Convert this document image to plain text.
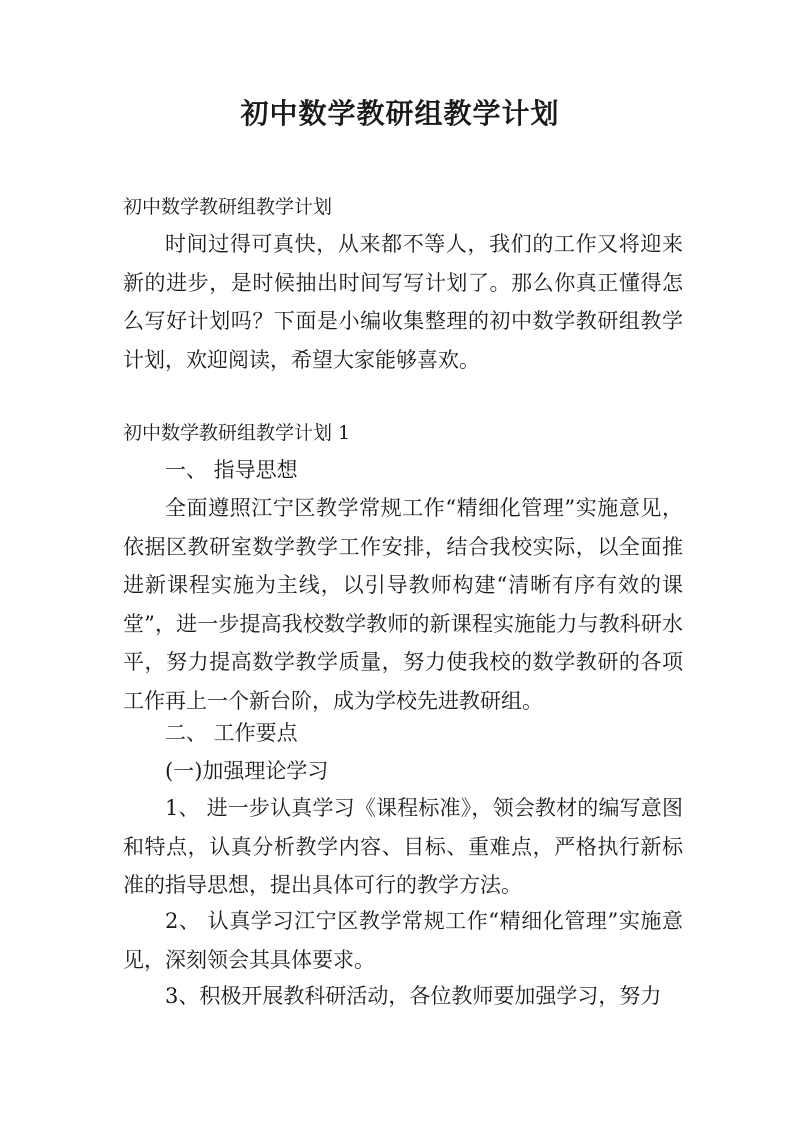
初中数学教研组教学计划

初中数学教研组教学计划

时间过得可真快，从来都不等人，我们的工作又将迎来新的进步，是时候抽出时间写写计划了。那么你真正懂得怎么写好计划吗？下面是小编收集整理的初中数学教研组教学计划，欢迎阅读，希望大家能够喜欢。

初中数学教研组教学计划 1

一、 指导思想

全面遵照江宁区教学常规工作“精细化管理”实施意见，依据区教研室数学教学工作安排，结合我校实际，以全面推进新课程实施为主线，以引导教师构建“清晰有序有效的课堂”，进一步提高我校数学教师的新课程实施能力与教科研水平，努力提高数学教学质量，努力使我校的数学教研的各项工作再上一个新台阶，成为学校先进教研组。

二、 工作要点

(一)加强理论学习

1、 进一步认真学习《课程标准》，领会教材的编写意图和特点，认真分析教学内容、目标、重难点，严格执行新标准的指导思想，提出具体可行的教学方法。

2、 认真学习江宁区教学常规工作“精细化管理”实施意见，深刻领会其具体要求。

3、积极开展教科研活动，各位教师要加强学习，努力
